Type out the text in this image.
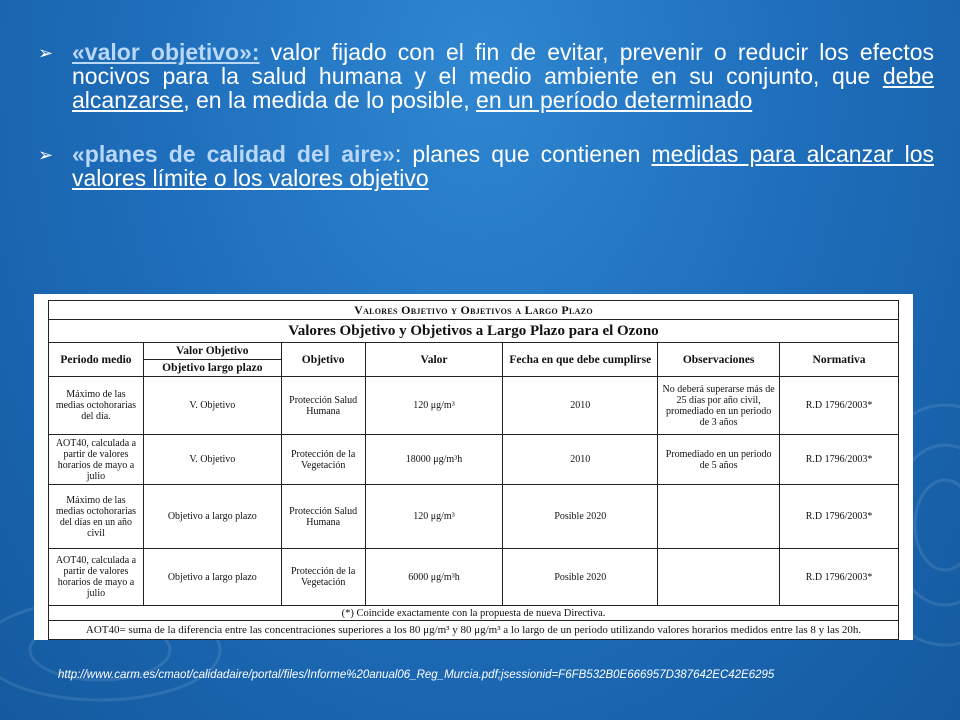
➢ «valor objetivo»: valor fijado con el fin de evitar, prevenir o reducir los efectos nocivos para la salud humana y el medio ambiente en su conjunto, que debe alcanzarse, en la medida de lo posible, en un período determinado
➢ «planes de calidad del aire»: planes que contienen medidas para alcanzar los valores límite o los valores objetivo
Valores Objetivo y Objetivos a Largo Plazo						
Valores Objetivo y Objetivos a Largo Plazo para el Ozono						
Periodo medio	Valor Objetivo	Objetivo	Valor	Fecha en que debe cumplirse	Observaciones	Normativa
	Objetivo largo plazo					
Máximo de las medias octohorarias del día.	V. Objetivo	Protección Salud Humana	120 μg/m³	2010	No deberá superarse más de 25 días por año civil, promediado en un periodo de 3 años	R.D 1796/2003*
AOT40, calculada a partir de valores horarios de mayo a julio	V. Objetivo	Protección de la Vegetación	18000 μg/m³h	2010	Promediado en un periodo de 5 años	R.D 1796/2003*
Máximo de las medias octohorarias del días en un año civil	Objetivo a largo plazo	Protección Salud Humana	120 μg/m³	Posible 2020		R.D 1796/2003*
AOT40, calculada a partir de valores horarios de mayo a julio	Objetivo a largo plazo	Protección de la Vegetación	6000 μg/m³h	Posible 2020		R.D 1796/2003*
(*) Coincide exactamente con la propuesta de nueva Directiva.						
AOT40= suma de la diferencia entre las concentraciones superiores a los 80 μg/m³ y 80 μg/m³ a lo largo de un periodo utilizando valores horarios medidos entre las 8 y las 20h.						
http://www.carm.es/cmaot/calidadaire/portal/files/Informe%20anual06_Reg_Murcia.pdf;jsessionid=F6FB532B0E666957D387642EC42E6295
